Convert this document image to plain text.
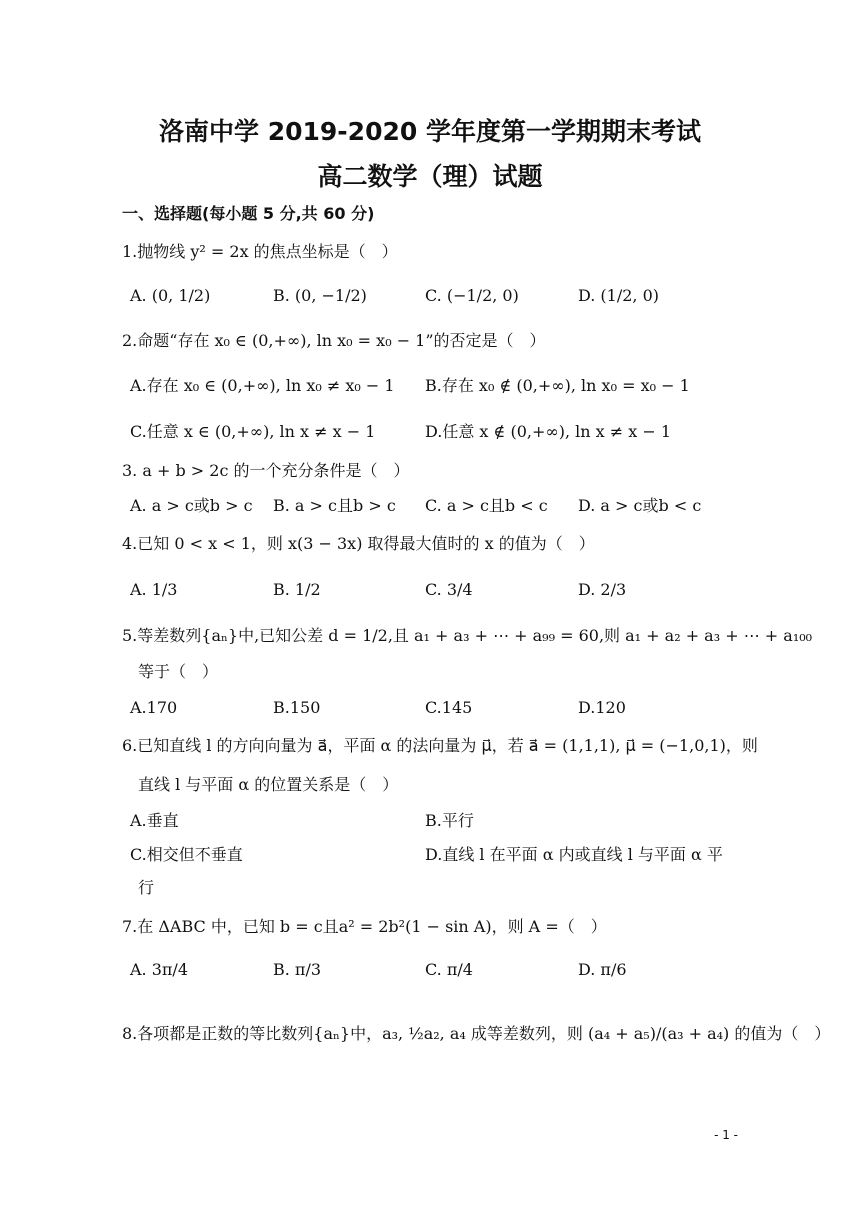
洛南中学 2019-2020 学年度第一学期期末考试
高二数学（理）试题
一、选择题(每小题 5 分,共 60 分)
1.抛物线 y² = 2x 的焦点坐标是（　）
A. (0, 1/2)	B. (0, −1/2)	C. (−1/2, 0)	D. (1/2, 0)
2.命题“存在 x₀ ∈ (0,+∞), ln x₀ = x₀ − 1”的否定是（　）
A.存在 x₀ ∈ (0,+∞), ln x₀ ≠ x₀ − 1 B.存在 x₀ ∉ (0,+∞), ln x₀ = x₀ − 1
C.任意 x ∈ (0,+∞), ln x ≠ x − 1	D.任意 x ∉ (0,+∞), ln x ≠ x − 1
3. a + b > 2c 的一个充分条件是（　）
A. a > c或b > c B. a > c且b > c C. a > c且b < c D. a > c或b < c
4.已知 0 < x < 1，则 x(3 − 3x) 取得最大值时的 x 的值为（　）
A. 1/3	B. 1/2	C. 3/4	D. 2/3
5.等差数列{aₙ}中,已知公差 d = 1/2,且 a₁ + a₃ + ⋯ + a₉₉ = 60,则 a₁ + a₂ + a₃ + ⋯ + a₁₀₀
等于（　）
A.170	B.150	C.145	D.120
6.已知直线 l 的方向向量为 a⃗，平面 α 的法向量为 μ⃗，若 a⃗ = (1,1,1), μ⃗ = (−1,0,1)，则
直线 l 与平面 α 的位置关系是（　）
A.垂直	B.平行
C.相交但不垂直	D.直线 l 在平面 α 内或直线 l 与平面 α 平
行
7.在 ΔABC 中，已知 b = c且a² = 2b²(1 − sin A)，则 A =（　）
A. 3π/4	B. π/3	C. π/4	D. π/6
8.各项都是正数的等比数列{aₙ}中，a₃, ½a₂, a₄ 成等差数列，则 (a₄ + a₅)/(a₃ + a₄) 的值为（　）
- 1 -
